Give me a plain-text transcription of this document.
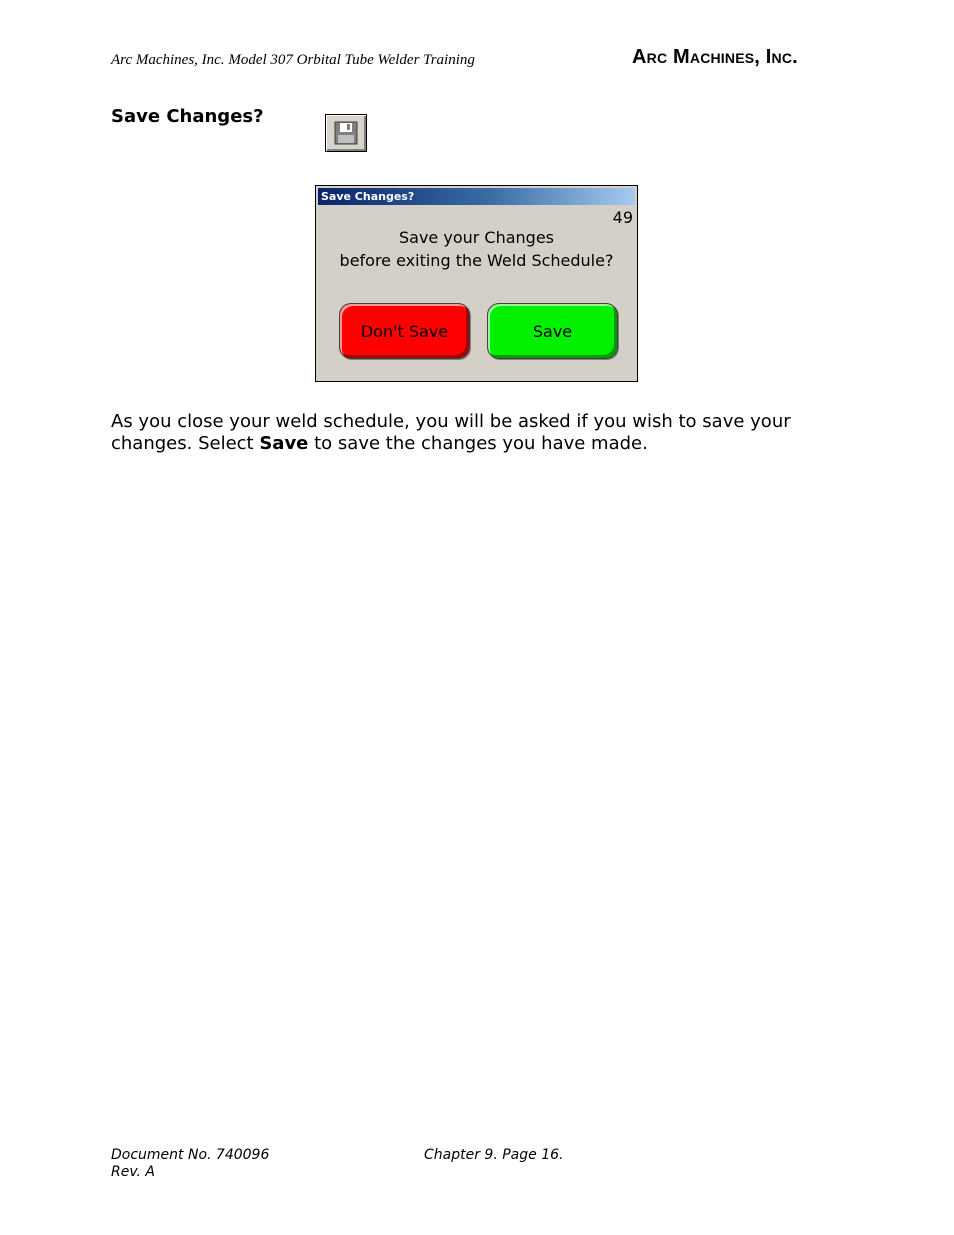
Arc Machines, Inc. Model 307 Orbital Tube Welder Training	Arc Machines, Inc.
Save Changes?
Save Changes?
49
Save your Changes
before exiting the Weld Schedule?
Don't Save	Save
As you close your weld schedule, you will be asked if you wish to save your changes. Select Save to save the changes you have made.
Document No. 740096
Rev. A
Chapter 9. Page 16.
